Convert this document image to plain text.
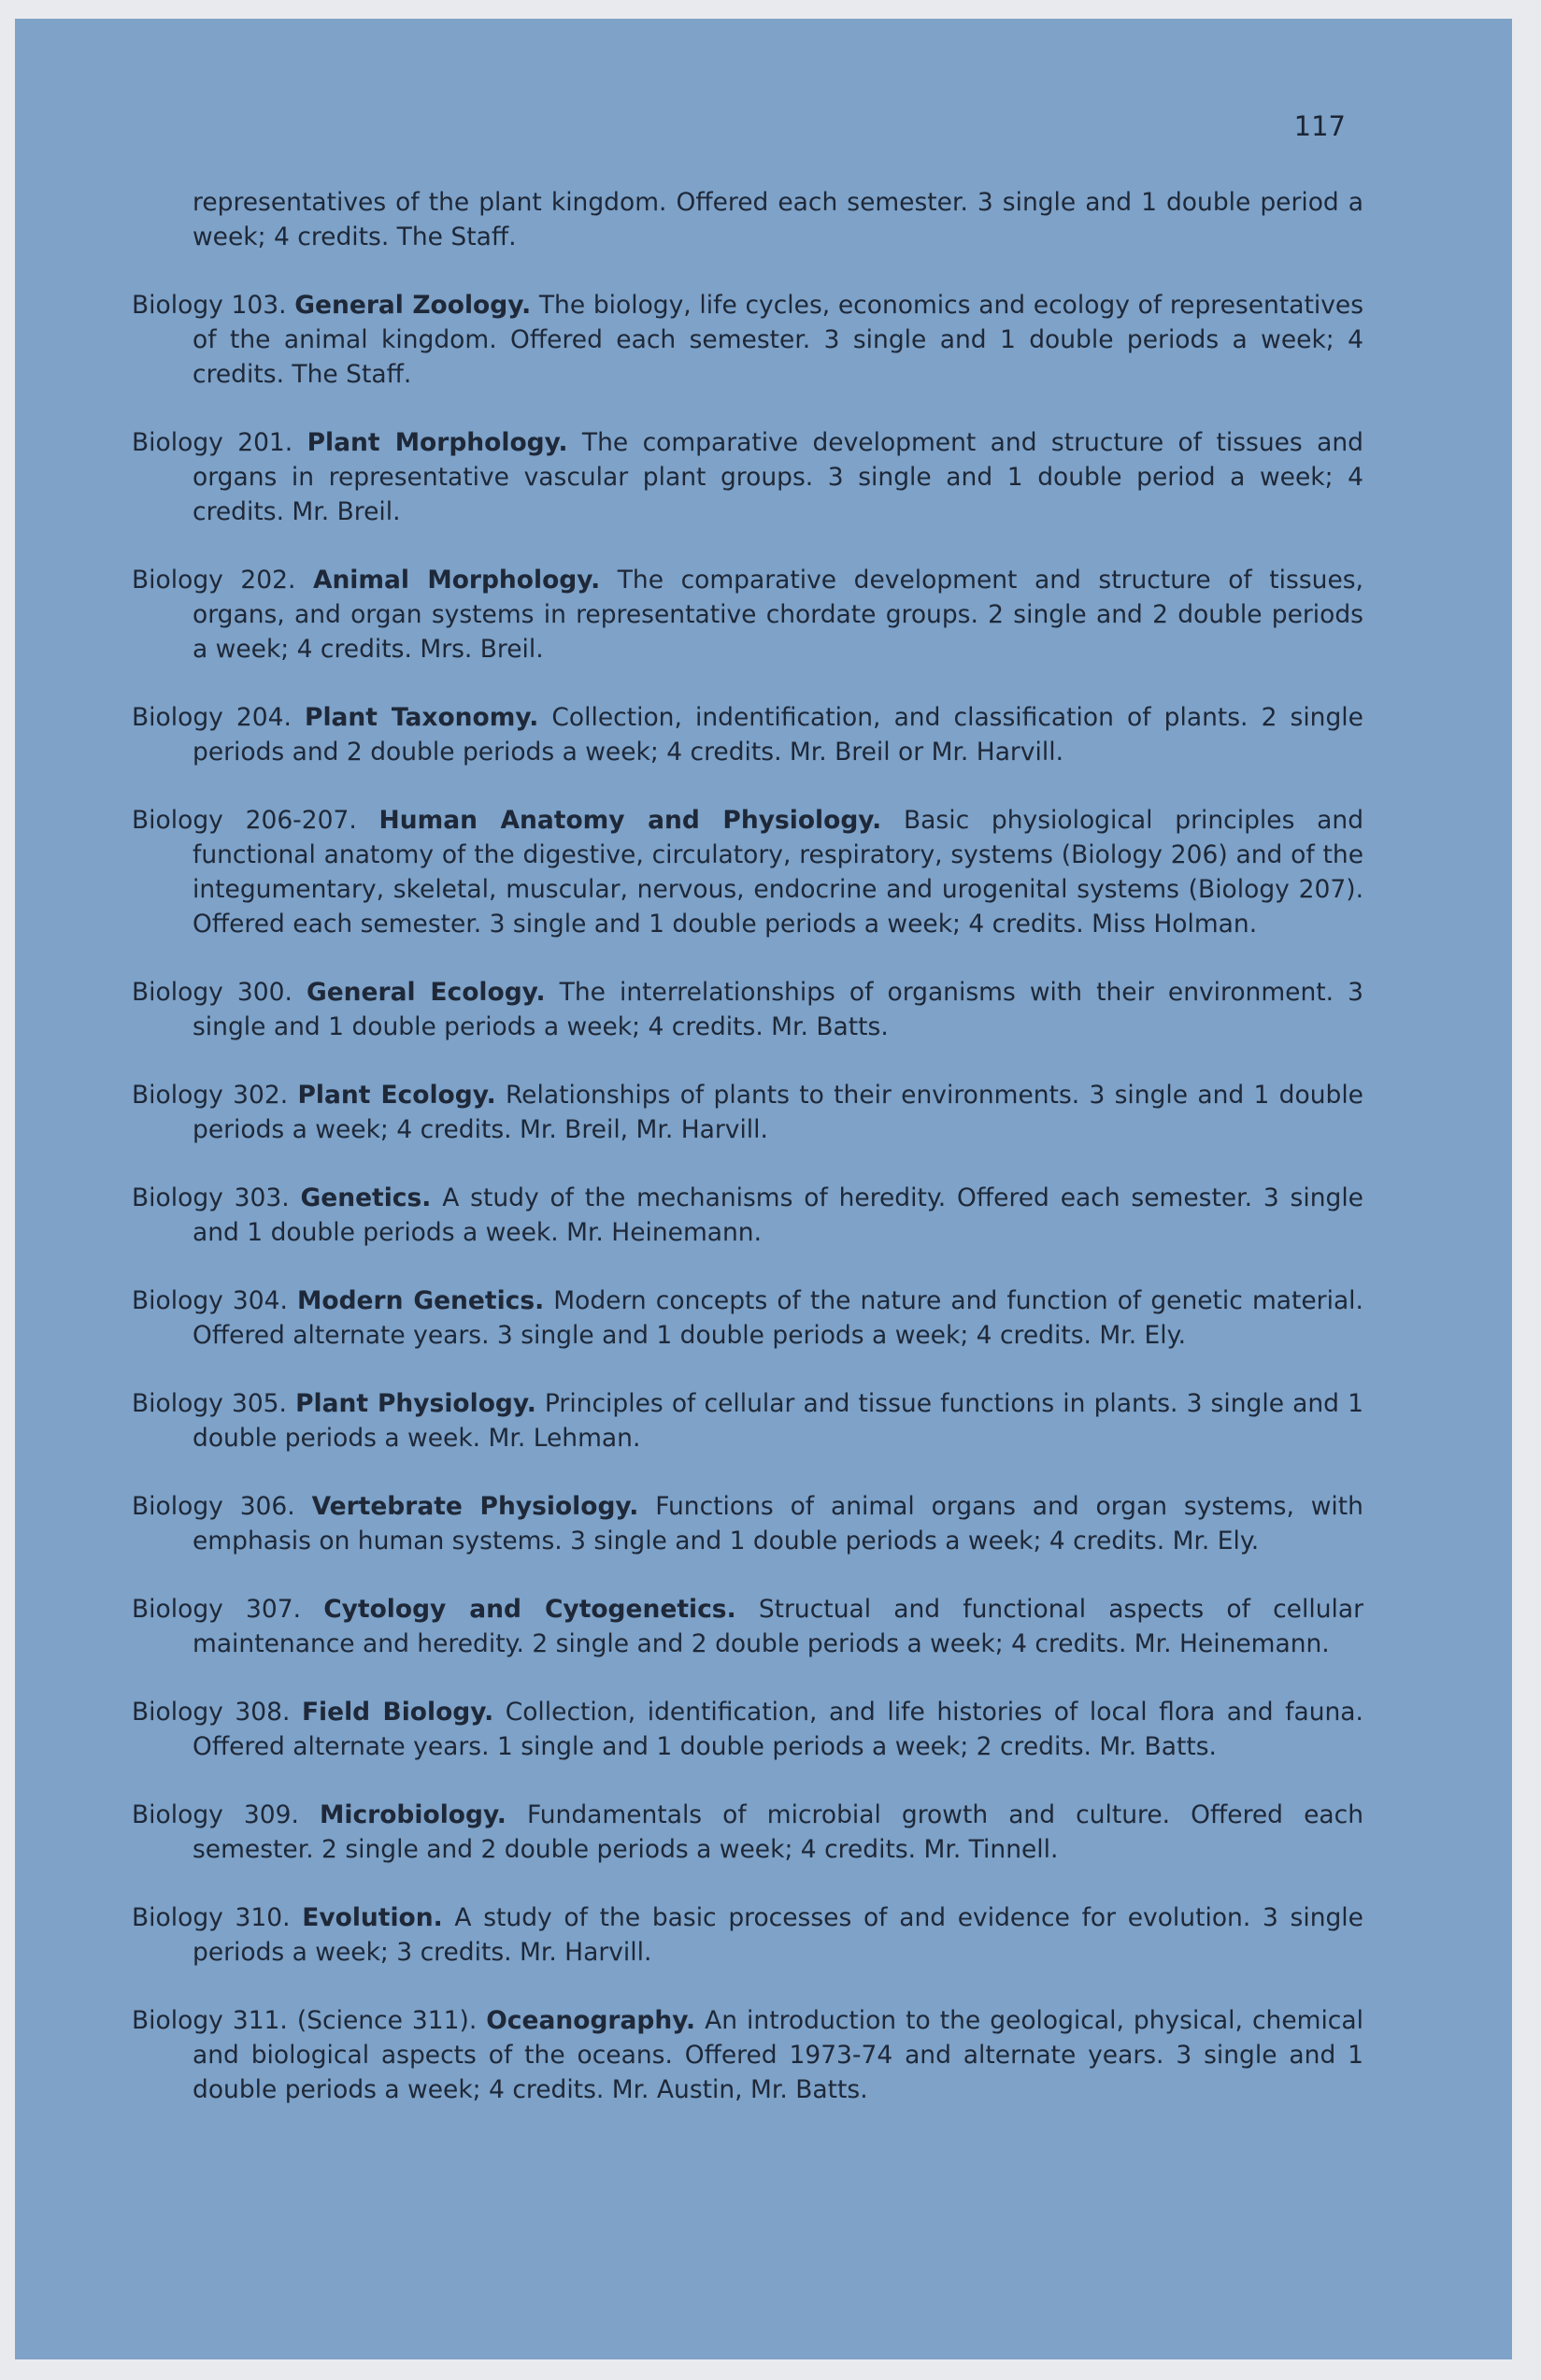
117

representatives of the plant kingdom. Offered each semester. 3 single and 1 double period a week; 4 credits. The Staff.

Biology 103. General Zoology. The biology, life cycles, economics and ecology of representatives of the animal kingdom. Offered each semester. 3 single and 1 double periods a week; 4 credits. The Staff.

Biology 201. Plant Morphology. The comparative development and structure of tissues and organs in representative vascular plant groups. 3 single and 1 double period a week; 4 credits. Mr. Breil.

Biology 202. Animal Morphology. The comparative development and structure of tissues, organs, and organ systems in representative chordate groups. 2 single and 2 double periods a week; 4 credits. Mrs. Breil.

Biology 204. Plant Taxonomy. Collection, indentification, and classification of plants. 2 single periods and 2 double periods a week; 4 credits. Mr. Breil or Mr. Harvill.

Biology 206-207. Human Anatomy and Physiology. Basic physiological principles and functional anatomy of the digestive, circulatory, respiratory, systems (Biology 206) and of the integumentary, skeletal, muscular, nervous, endocrine and urogenital systems (Biology 207). Offered each semester. 3 single and 1 double periods a week; 4 credits. Miss Holman.

Biology 300. General Ecology. The interrelationships of organisms with their environment. 3 single and 1 double periods a week; 4 credits. Mr. Batts.

Biology 302. Plant Ecology. Relationships of plants to their environments. 3 single and 1 double periods a week; 4 credits. Mr. Breil, Mr. Harvill.

Biology 303. Genetics. A study of the mechanisms of heredity. Offered each semester. 3 single and 1 double periods a week. Mr. Heinemann.

Biology 304. Modern Genetics. Modern concepts of the nature and function of genetic material. Offered alternate years. 3 single and 1 double periods a week; 4 credits. Mr. Ely.

Biology 305. Plant Physiology. Principles of cellular and tissue functions in plants. 3 single and 1 double periods a week. Mr. Lehman.

Biology 306. Vertebrate Physiology. Functions of animal organs and organ systems, with emphasis on human systems. 3 single and 1 double periods a week; 4 credits. Mr. Ely.

Biology 307. Cytology and Cytogenetics. Structual and functional aspects of cellular maintenance and heredity. 2 single and 2 double periods a week; 4 credits. Mr. Heinemann.

Biology 308. Field Biology. Collection, identification, and life histories of local flora and fauna. Offered alternate years. 1 single and 1 double periods a week; 2 credits. Mr. Batts.

Biology 309. Microbiology. Fundamentals of microbial growth and culture. Offered each semester. 2 single and 2 double periods a week; 4 credits. Mr. Tinnell.

Biology 310. Evolution. A study of the basic processes of and evidence for evolution. 3 single periods a week; 3 credits. Mr. Harvill.

Biology 311. (Science 311). Oceanography. An introduction to the geological, physical, chemical and biological aspects of the oceans. Offered 1973-74 and alternate years. 3 single and 1 double periods a week; 4 credits. Mr. Austin, Mr. Batts.
